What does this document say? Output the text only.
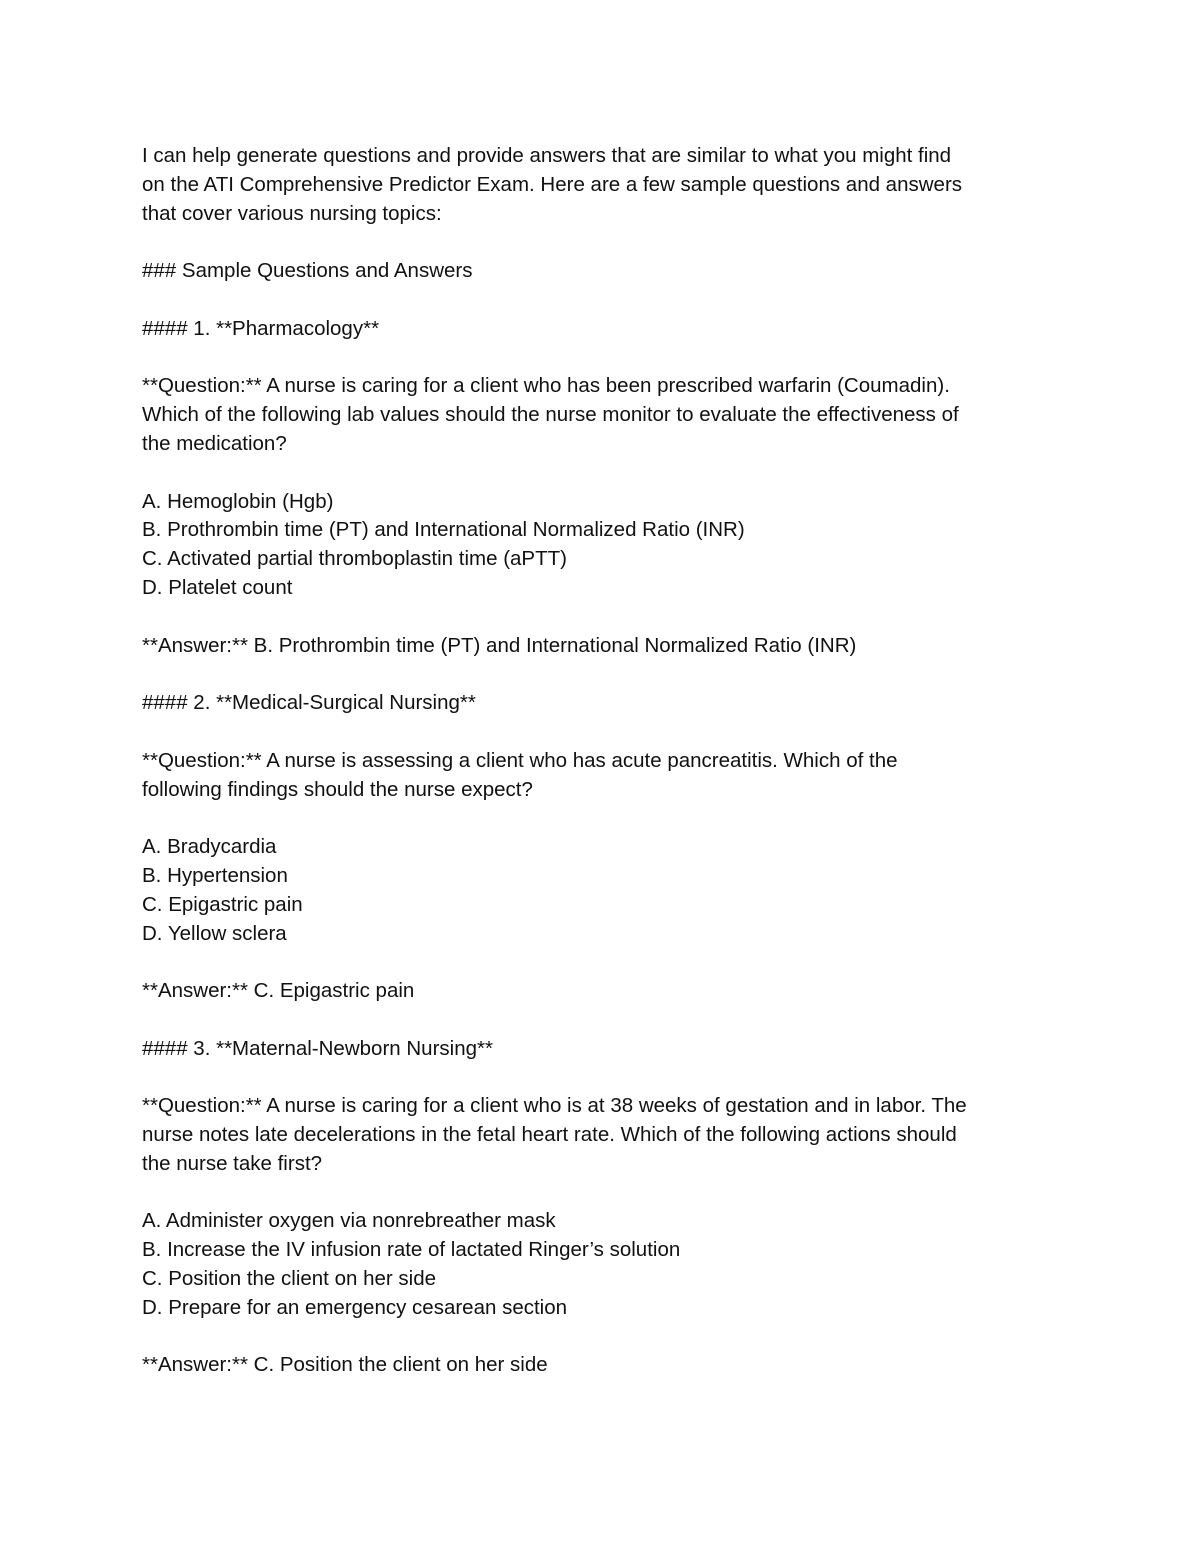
I can help generate questions and provide answers that are similar to what you might find
on the ATI Comprehensive Predictor Exam. Here are a few sample questions and answers
that cover various nursing topics:
### Sample Questions and Answers
#### 1. **Pharmacology**
**Question:** A nurse is caring for a client who has been prescribed warfarin (Coumadin).
Which of the following lab values should the nurse monitor to evaluate the effectiveness of
the medication?
A. Hemoglobin (Hgb)
B. Prothrombin time (PT) and International Normalized Ratio (INR)
C. Activated partial thromboplastin time (aPTT)
D. Platelet count
**Answer:** B. Prothrombin time (PT) and International Normalized Ratio (INR)
#### 2. **Medical-Surgical Nursing**
**Question:** A nurse is assessing a client who has acute pancreatitis. Which of the
following findings should the nurse expect?
A. Bradycardia
B. Hypertension
C. Epigastric pain
D. Yellow sclera
**Answer:** C. Epigastric pain
#### 3. **Maternal-Newborn Nursing**
**Question:** A nurse is caring for a client who is at 38 weeks of gestation and in labor. The
nurse notes late decelerations in the fetal heart rate. Which of the following actions should
the nurse take first?
A. Administer oxygen via nonrebreather mask
B. Increase the IV infusion rate of lactated Ringer’s solution
C. Position the client on her side
D. Prepare for an emergency cesarean section
**Answer:** C. Position the client on her side
